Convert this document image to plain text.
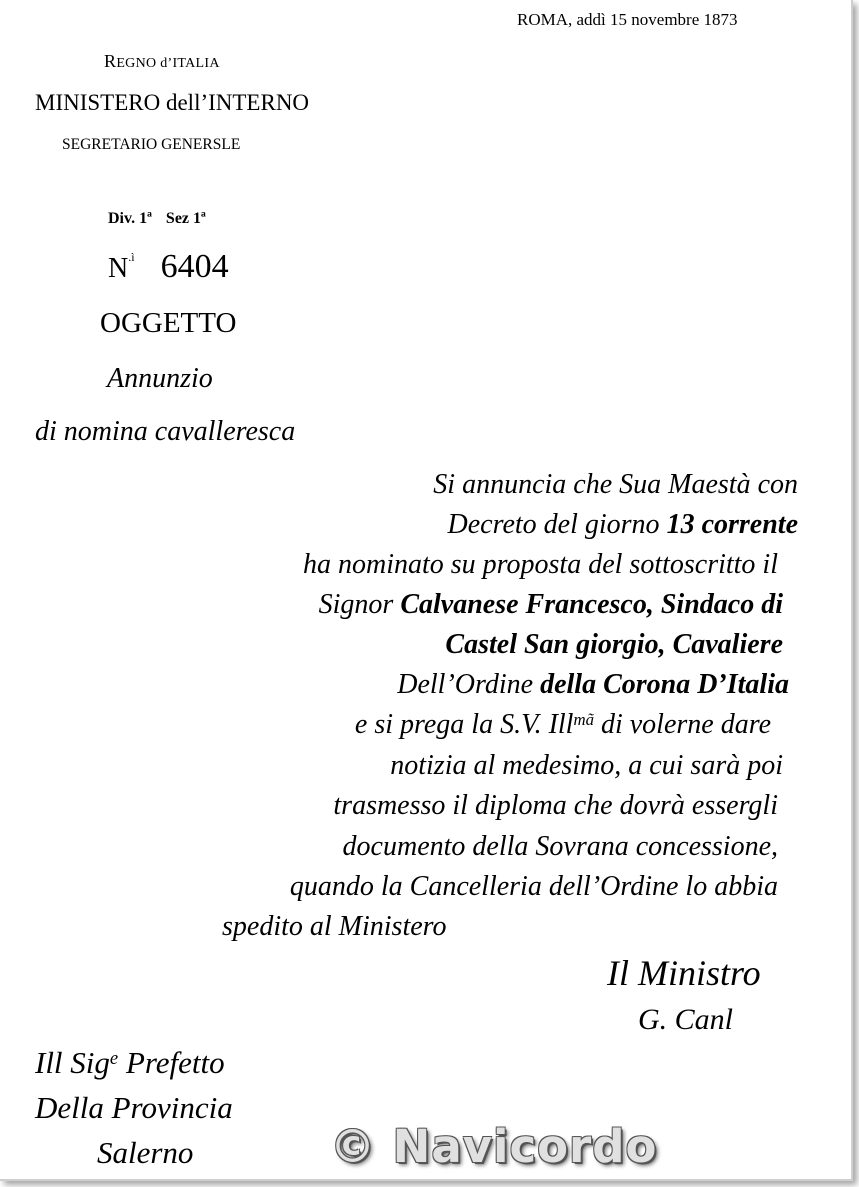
ROMA, addì 15 novembre 1873
REGNO d’ITALIA
MINISTERO dell’INTERNO
SEGRETARIO GENERSLE
Div. 1ª Sez 1ª
$N^{.ì}$ 6404
OGGETTO
Annunzio
di nomina cavalleresca
Si annuncia che Sua Maestà con
Decreto del giorno 13 corrente
ha nominato su proposta del sottoscritto il
Signor Calvanese Francesco, Sindaco di
Castel San giorgio, Cavaliere
Dell’Ordine della Corona D’Italia
e si prega la S.V. Ill$^{mã}$ di volerne dare
notizia al medesimo, a cui sarà poi
trasmesso il diploma che dovrà essergli
documento della Sovrana concessione,
quando la Cancelleria dell’Ordine lo abbia
spedito al Ministero
Il Ministro
G. Canl
Ill Sig$^e$ Prefetto
Della Provincia
Salerno	© Navicordo
